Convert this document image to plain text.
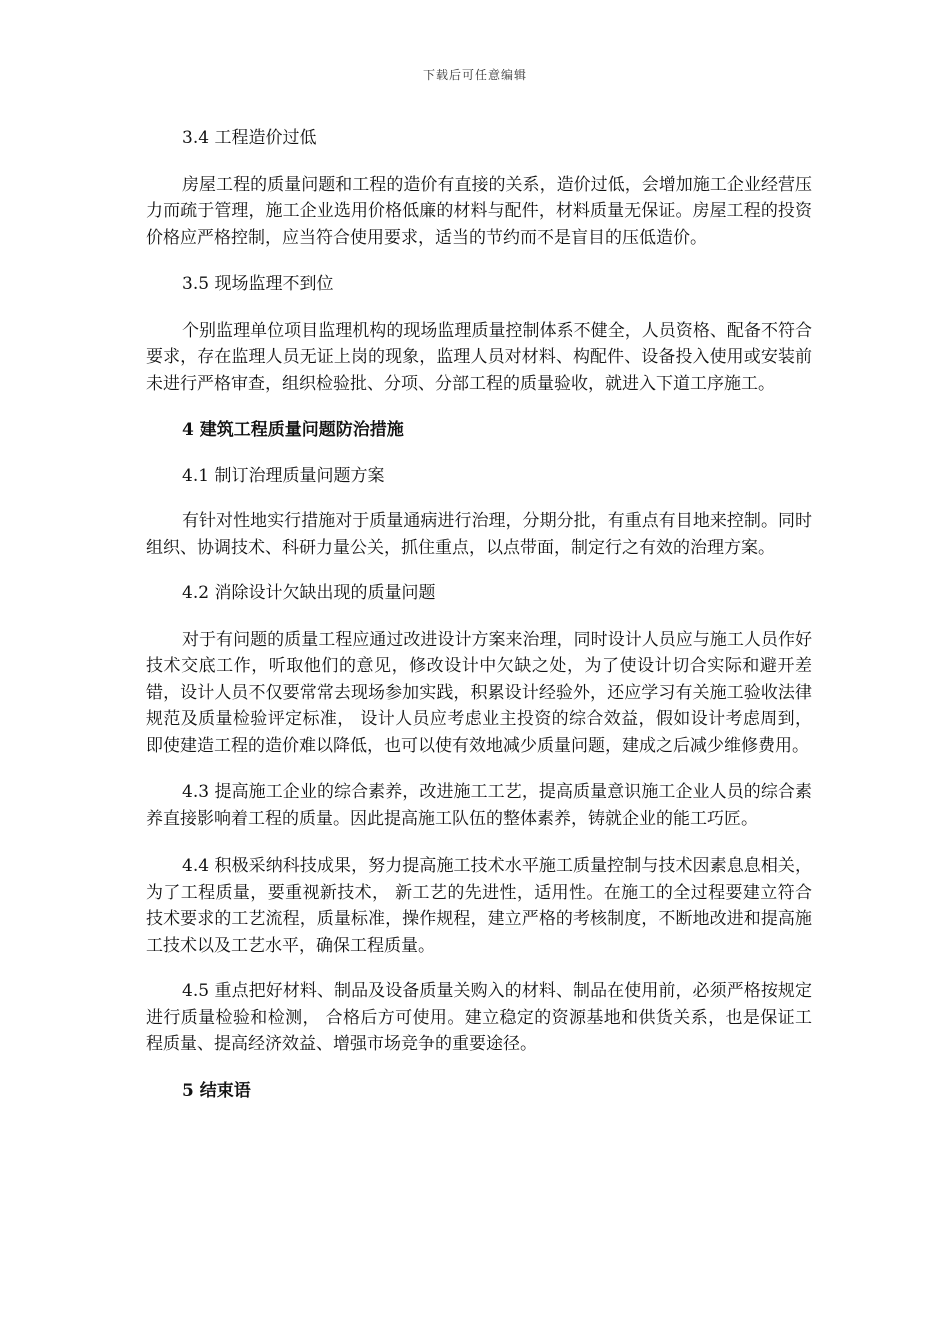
下载后可任意编辑

3.4 工程造价过低

房屋工程的质量问题和工程的造价有直接的关系，造价过低，会增加施工企业经营压力而疏于管理，施工企业选用价格低廉的材料与配件，材料质量无保证。房屋工程的投资价格应严格控制，应当符合使用要求，适当的节约而不是盲目的压低造价。

3.5 现场监理不到位

个别监理单位项目监理机构的现场监理质量控制体系不健全，人员资格、配备不符合要求，存在监理人员无证上岗的现象，监理人员对材料、构配件、设备投入使用或安装前未进行严格审查，组织检验批、分项、分部工程的质量验收，就进入下道工序施工。

4 建筑工程质量问题防治措施

4.1 制订治理质量问题方案

有针对性地实行措施对于质量通病进行治理，分期分批，有重点有目地来控制。同时组织、协调技术、科研力量公关，抓住重点，以点带面，制定行之有效的治理方案。

4.2 消除设计欠缺出现的质量问题

对于有问题的质量工程应通过改进设计方案来治理，同时设计人员应与施工人员作好技术交底工作，听取他们的意见，修改设计中欠缺之处，为了使设计切合实际和避开差错，设计人员不仅要常常去现场参加实践，积累设计经验外，还应学习有关施工验收法律规范及质量检验评定标准， 设计人员应考虑业主投资的综合效益，假如设计考虑周到，即使建造工程的造价难以降低，也可以使有效地减少质量问题，建成之后减少维修费用。

4.3 提高施工企业的综合素养，改进施工工艺，提高质量意识施工企业人员的综合素养直接影响着工程的质量。因此提高施工队伍的整体素养，铸就企业的能工巧匠。

4.4 积极采纳科技成果，努力提高施工技术水平施工质量控制与技术因素息息相关，为了工程质量，要重视新技术， 新工艺的先进性，适用性。在施工的全过程要建立符合技术要求的工艺流程，质量标准，操作规程，建立严格的考核制度，不断地改进和提高施工技术以及工艺水平，确保工程质量。

4.5 重点把好材料、制品及设备质量关购入的材料、制品在使用前，必须严格按规定进行质量检验和检测， 合格后方可使用。建立稳定的资源基地和供货关系，也是保证工程质量、提高经济效益、增强市场竞争的重要途径。

5 结束语
